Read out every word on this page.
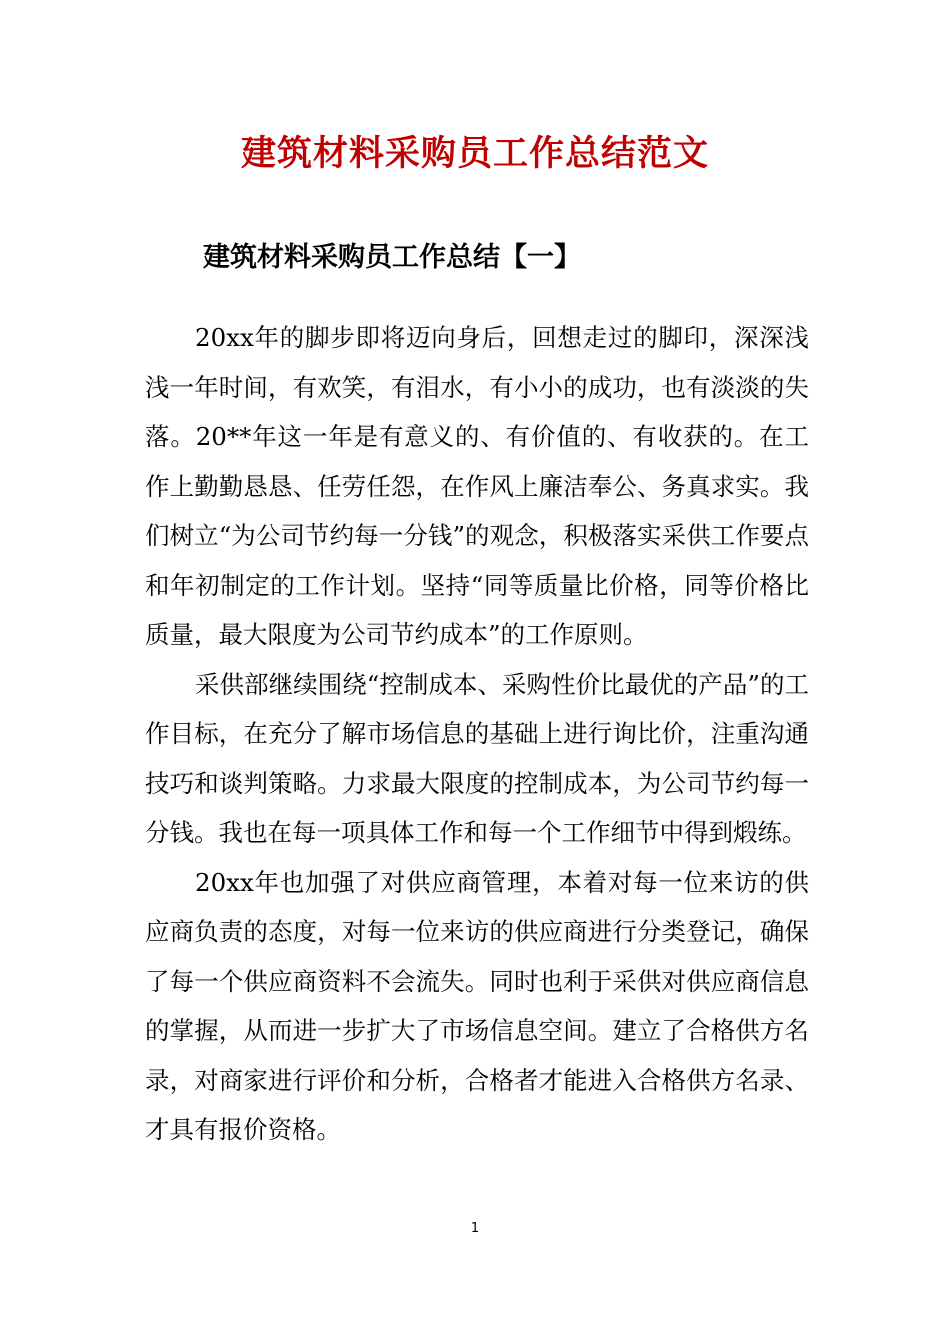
建筑材料采购员工作总结范文
建筑材料采购员工作总结【一】

20xx年的脚步即将迈向身后，回想走过的脚印，深深浅浅一年时间，有欢笑，有泪水，有小小的成功，也有淡淡的失落。20**年这一年是有意义的、有价值的、有收获的。在工作上勤勤恳恳、任劳任怨，在作风上廉洁奉公、务真求实。我们树立“为公司节约每一分钱”的观念，积极落实采供工作要点和年初制定的工作计划。坚持“同等质量比价格，同等价格比质量，最大限度为公司节约成本”的工作原则。

采供部继续围绕“控制成本、采购性价比最优的产品”的工作目标，在充分了解市场信息的基础上进行询比价，注重沟通技巧和谈判策略。力求最大限度的控制成本，为公司节约每一分钱。我也在每一项具体工作和每一个工作细节中得到煅练。

20xx年也加强了对供应商管理，本着对每一位来访的供应商负责的态度，对每一位来访的供应商进行分类登记，确保了每一个供应商资料不会流失。同时也利于采供对供应商信息的掌握，从而进一步扩大了市场信息空间。建立了合格供方名录，对商家进行评价和分析，合格者才能进入合格供方名录、才具有报价资格。

1
